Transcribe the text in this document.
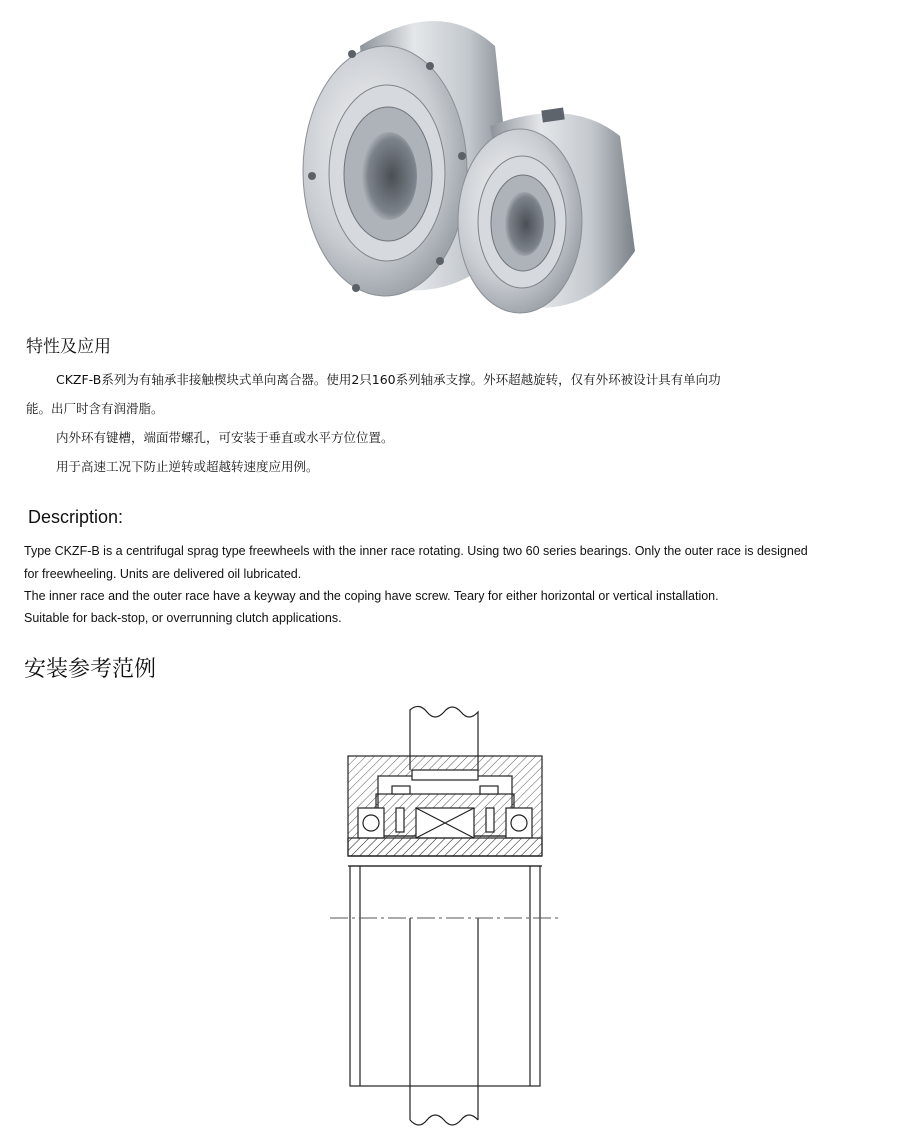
特性及应用
CKZF-B系列为有轴承非接触楔块式单向离合器。使用2只160系列轴承支撑。外环超越旋转，仅有外环被设计具有单向功
能。出厂时含有润滑脂。
内外环有键槽，端面带螺孔，可安装于垂直或水平方位位置。
用于高速工况下防止逆转或超越转速度应用例。
Description:
Type CKZF-B is a centrifugal sprag type freewheels with the inner race rotating. Using two 60 series bearings. Only the outer race is designed
for freewheeling. Units are delivered oil lubricated.
The inner race and the outer race have a keyway and the coping have screw. Teary for either horizontal or vertical installation.
Suitable for back-stop, or overrunning clutch applications.
安装参考范例
